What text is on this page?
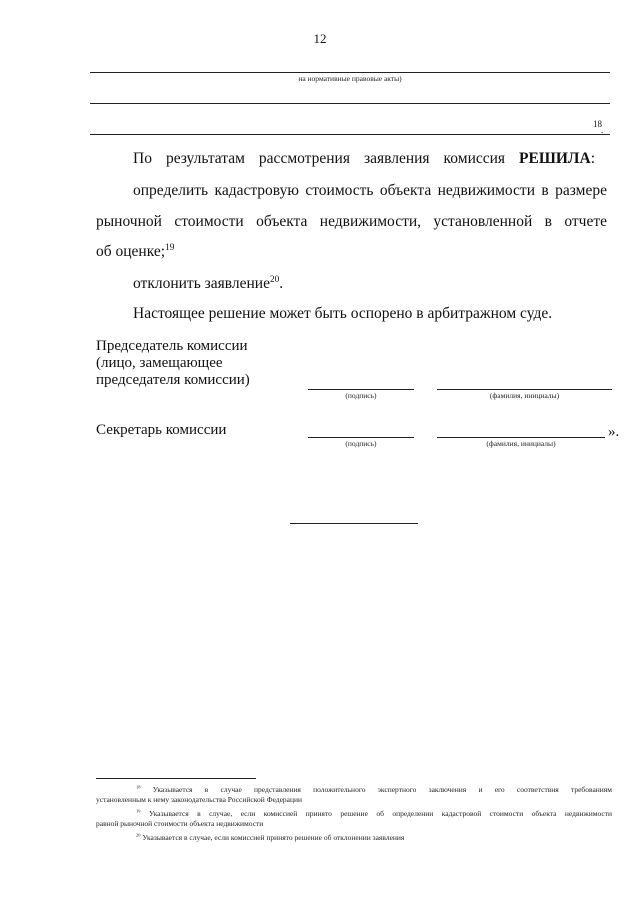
12
на нормативные правовые акты)
18
.
По результатам рассмотрения заявления комиссия РЕШИЛА:
определить кадастровую стоимость объекта недвижимости в размере
рыночной стоимости объекта недвижимости, установленной в отчете
об оценке;$^{19}$
отклонить заявление$^{20}$.
Настоящее решение может быть оспорено в арбитражном суде.
Председатель комиссии
(лицо, замещающее
председателя комиссии)
(подпись)	(фамилия, инициалы)
Секретарь комиссии
(подпись)	(фамилия, инициалы)
».
$^{18}$ Указывается в случае представления положительного экспертного заключения и его соответствия требованиям
установленным к нему законодательства Российской Федерации
$^{19}$ Указывается в случае, если комиссией принято решение об определении кадастровой стоимости объекта недвижимости
равной рыночной стоимости объекта недвижимости
$^{20}$ Указывается в случае, если комиссией принято решение об отклонении заявления
